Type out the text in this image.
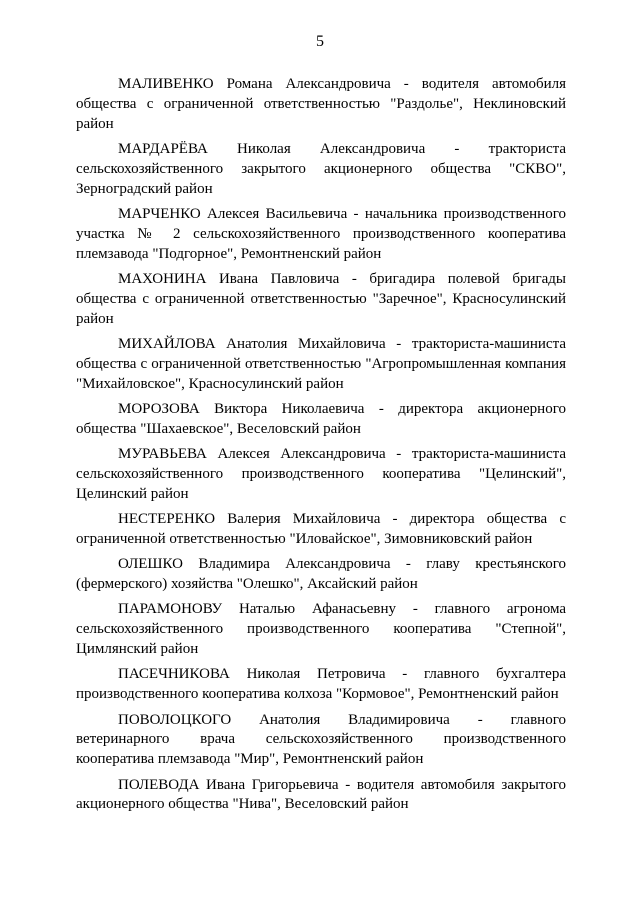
5

МАЛИВЕНКО Романа Александровича - водителя автомобиля общества с ограниченной ответственностью "Раздолье", Неклиновский район

МАРДАРЁВА Николая Александровича - тракториста сельскохозяйственного закрытого акционерного общества "СКВО", Зерноградский район

МАРЧЕНКО Алексея Васильевича - начальника производственного участка № 2 сельскохозяйственного производственного кооператива племзавода "Подгорное", Ремонтненский район

МАХОНИНА Ивана Павловича - бригадира полевой бригады общества с ограниченной ответственностью "Заречное", Красносулинский район

МИХАЙЛОВА Анатолия Михайловича - тракториста-машиниста общества с ограниченной ответственностью "Агропромышленная компания "Михайловское", Красносулинский район

МОРОЗОВА Виктора Николаевича - директора акционерного общества "Шахаевское", Веселовский район

МУРАВЬЕВА Алексея Александровича - тракториста-машиниста сельскохозяйственного производственного кооператива "Целинский", Целинский район

НЕСТЕРЕНКО Валерия Михайловича - директора общества с ограниченной ответственностью "Иловайское", Зимовниковский район

ОЛЕШКО Владимира Александровича - главу крестьянского (фермерского) хозяйства "Олешко", Аксайский район

ПАРАМОНОВУ Наталью Афанасьевну - главного агронома сельскохозяйственного производственного кооператива "Степной", Цимлянский район

ПАСЕЧНИКОВА Николая Петровича - главного бухгалтера производственного кооператива колхоза "Кормовое", Ремонтненский район

ПОВОЛОЦКОГО Анатолия Владимировича - главного ветеринарного врача сельскохозяйственного производственного кооператива племзавода "Мир", Ремонтненский район

ПОЛЕВОДА Ивана Григорьевича - водителя автомобиля закрытого акционерного общества "Нива", Веселовский район
